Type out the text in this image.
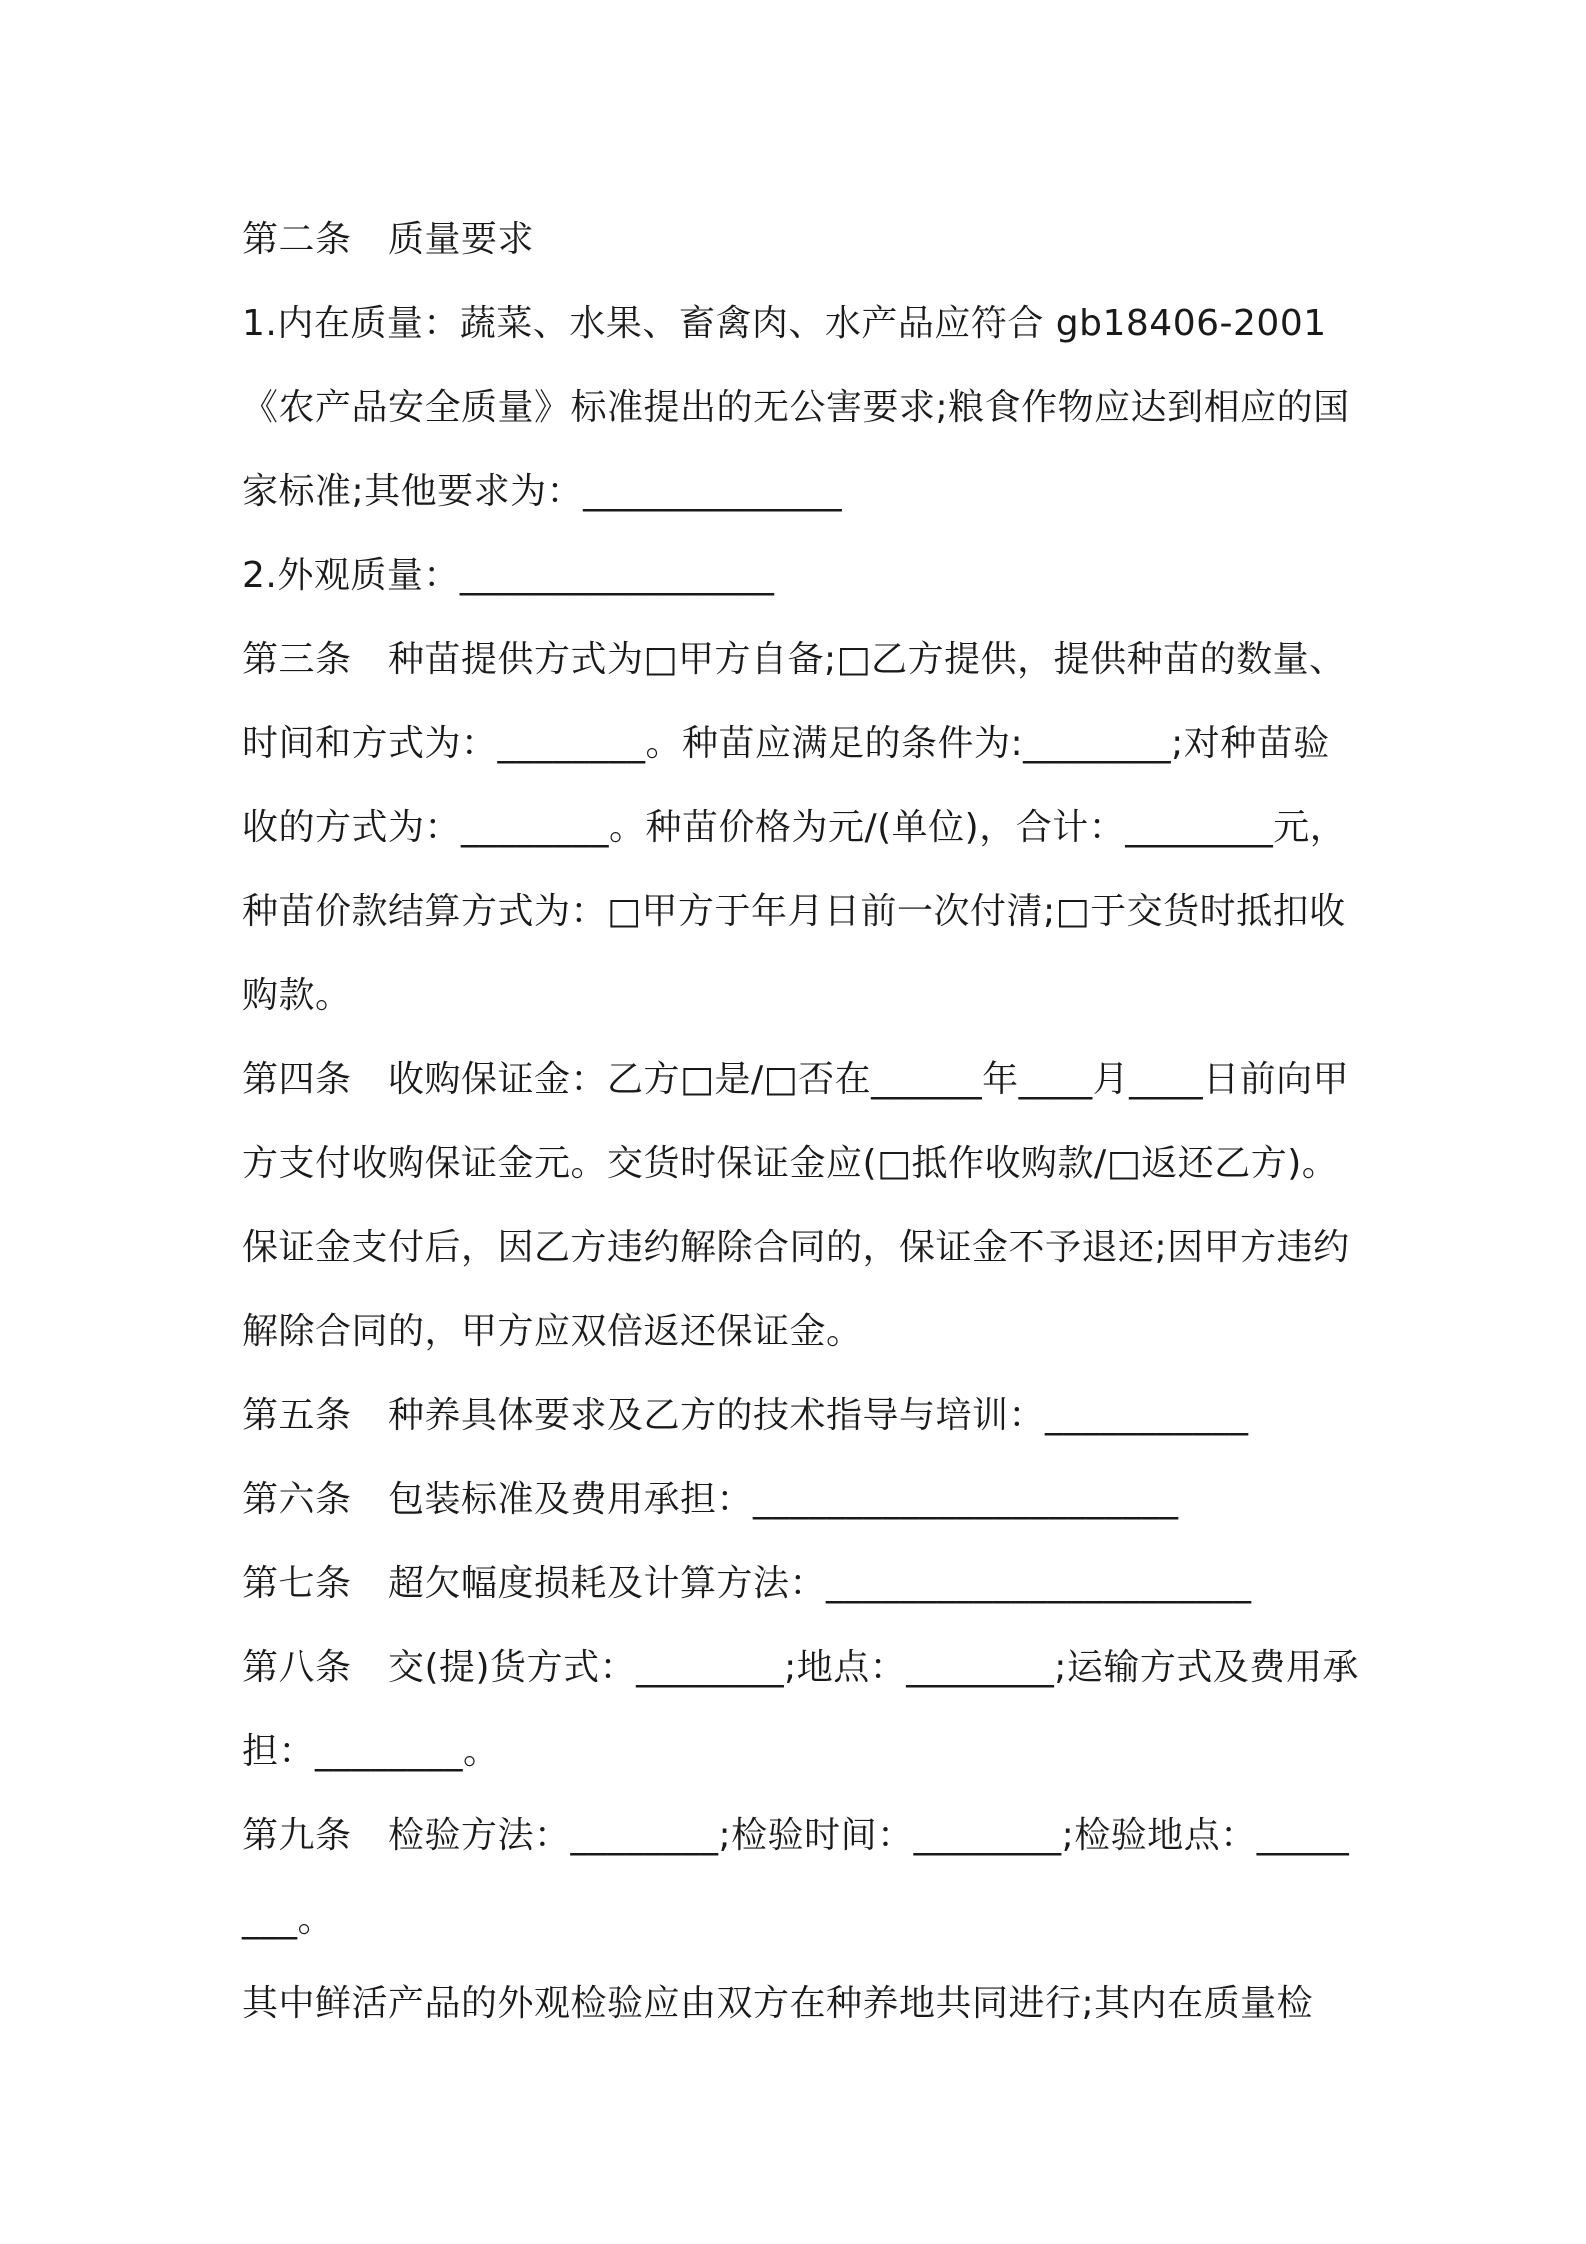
第二条　质量要求

1.内在质量：蔬菜、水果、畜禽肉、水产品应符合 gb18406-2001《农产品安全质量》标准提出的无公害要求;粮食作物应达到相应的国家标准;其他要求为：______________

2.外观质量：_________________

第三条　种苗提供方式为□甲方自备;□乙方提供，提供种苗的数量、时间和方式为：________。种苗应满足的条件为:________;对种苗验收的方式为：________。种苗价格为元/(单位)，合计：________元，种苗价款结算方式为：□甲方于年月日前一次付清;□于交货时抵扣收购款。

第四条　收购保证金：乙方□是/□否在______年____月____日前向甲方支付收购保证金元。交货时保证金应(□抵作收购款/□返还乙方)。保证金支付后，因乙方违约解除合同的，保证金不予退还;因甲方违约解除合同的，甲方应双倍返还保证金。

第五条　种养具体要求及乙方的技术指导与培训：___________

第六条　包装标准及费用承担：_______________________

第七条　超欠幅度损耗及计算方法：_______________________

第八条　交(提)货方式：________;地点：________;运输方式及费用承担：________。

第九条　检验方法：________;检验时间：________;检验地点：________。

其中鲜活产品的外观检验应由双方在种养地共同进行;其内在质量检
